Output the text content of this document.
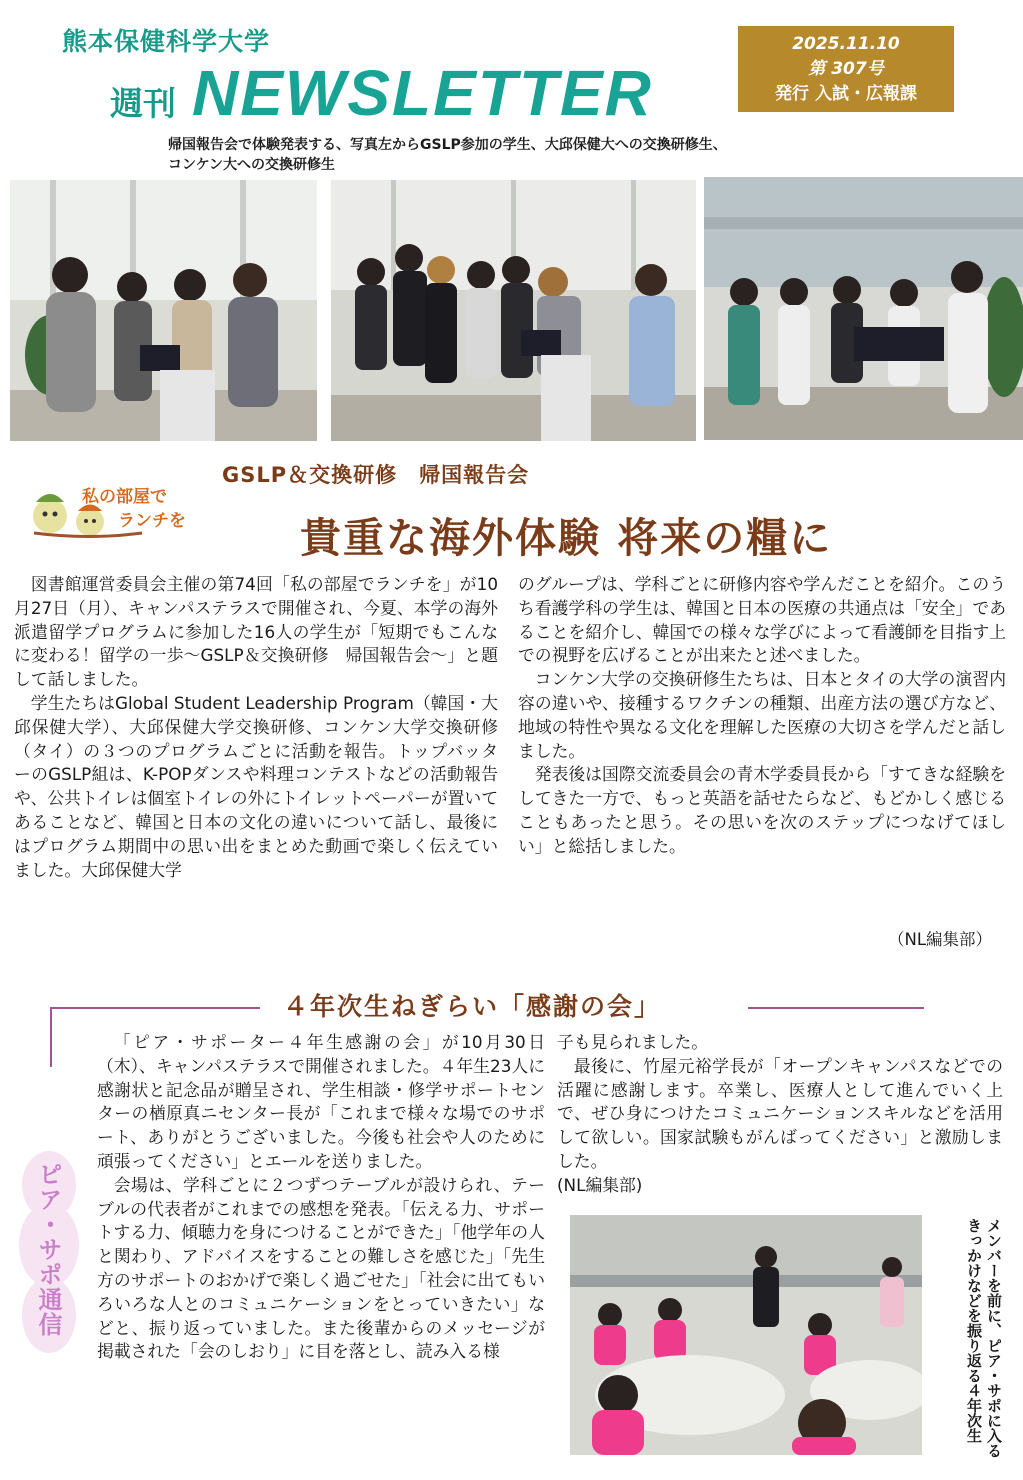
熊本保健科学大学
週刊 NEWSLETTER
2025.11.10
第 307号
発行 入試・広報課
帰国報告会で体験発表する、写真左からGSLP参加の学生、大邱保健大への交換研修生、
コンケン大への交換研修生
私の部屋で
ランチを
GSLP＆交換研修　帰国報告会
貴重な海外体験 将来の糧に

図書館運営委員会主催の第74回「私の部屋でランチを」が10月27日（月）、キャンパステラスで開催され、今夏、本学の海外派遣留学プログラムに参加した16人の学生が「短期でもこんなに変わる！留学の一歩～GSLP＆交換研修　帰国報告会～」と題して話しました。

学生たちはGlobal Student Leadership Program（韓国・大邱保健大学）、大邱保健大学交換研修、コンケン大学交換研修（タイ）の３つのプログラムごとに活動を報告。トップバッターのGSLP組は、K-POPダンスや料理コンテストなどの活動報告や、公共トイレは個室トイレの外にトイレットペーパーが置いてあることなど、韓国と日本の文化の違いについて話し、最後にはプログラム期間中の思い出をまとめた動画で楽しく伝えていました。大邱保健大学

のグループは、学科ごとに研修内容や学んだことを紹介。このうち看護学科の学生は、韓国と日本の医療の共通点は「安全」であることを紹介し、韓国での様々な学びによって看護師を目指す上での視野を広げることが出来たと述べました。

コンケン大学の交換研修生たちは、日本とタイの大学の演習内容の違いや、接種するワクチンの種類、出産方法の選び方など、地域の特性や異なる文化を理解した医療の大切さを学んだと話しました。

発表後は国際交流委員会の青木学委員長から「すてきな経験をしてきた一方で、もっと英語を話せたらなど、もどかしく感じることもあったと思う。その思いを次のステップにつなげてほしい」と総括しました。

（NL編集部）
４年次生ねぎらい「感謝の会」
ピア・サポ通信

「ピア・サポーター４年生感謝の会」が10月30日（木）、キャンパステラスで開催されました。４年生23人に感謝状と記念品が贈呈され、学生相談・修学サポートセンターの楢原真ニセンター長が「これまで様々な場でのサポート、ありがとうございました。今後も社会や人のために頑張ってください」とエールを送りました。

会場は、学科ごとに２つずつテーブルが設けられ、テーブルの代表者がこれまでの感想を発表。「伝える力、サポートする力、傾聴力を身につけることができた」「他学年の人と関わり、アドバイスをすることの難しさを感じた」「先生方のサポートのおかげで楽しく過ごせた」「社会に出てもいろいろな人とのコミュニケーションをとっていきたい」などと、振り返っていました。また後輩からのメッセージが掲載された「会のしおり」に目を落とし、読み入る様

子も見られました。

最後に、竹屋元裕学長が「オープンキャンパスなどでの活躍に感謝します。卒業し、医療人として進んでいく上で、ぜひ身につけたコミュニケーションスキルなどを活用して欲しい。国家試験もがんばってください」と激励しました。

(NL編集部)

メンバーを前に、ピア・サポに入るきっかけなどを振り返る４年次生
